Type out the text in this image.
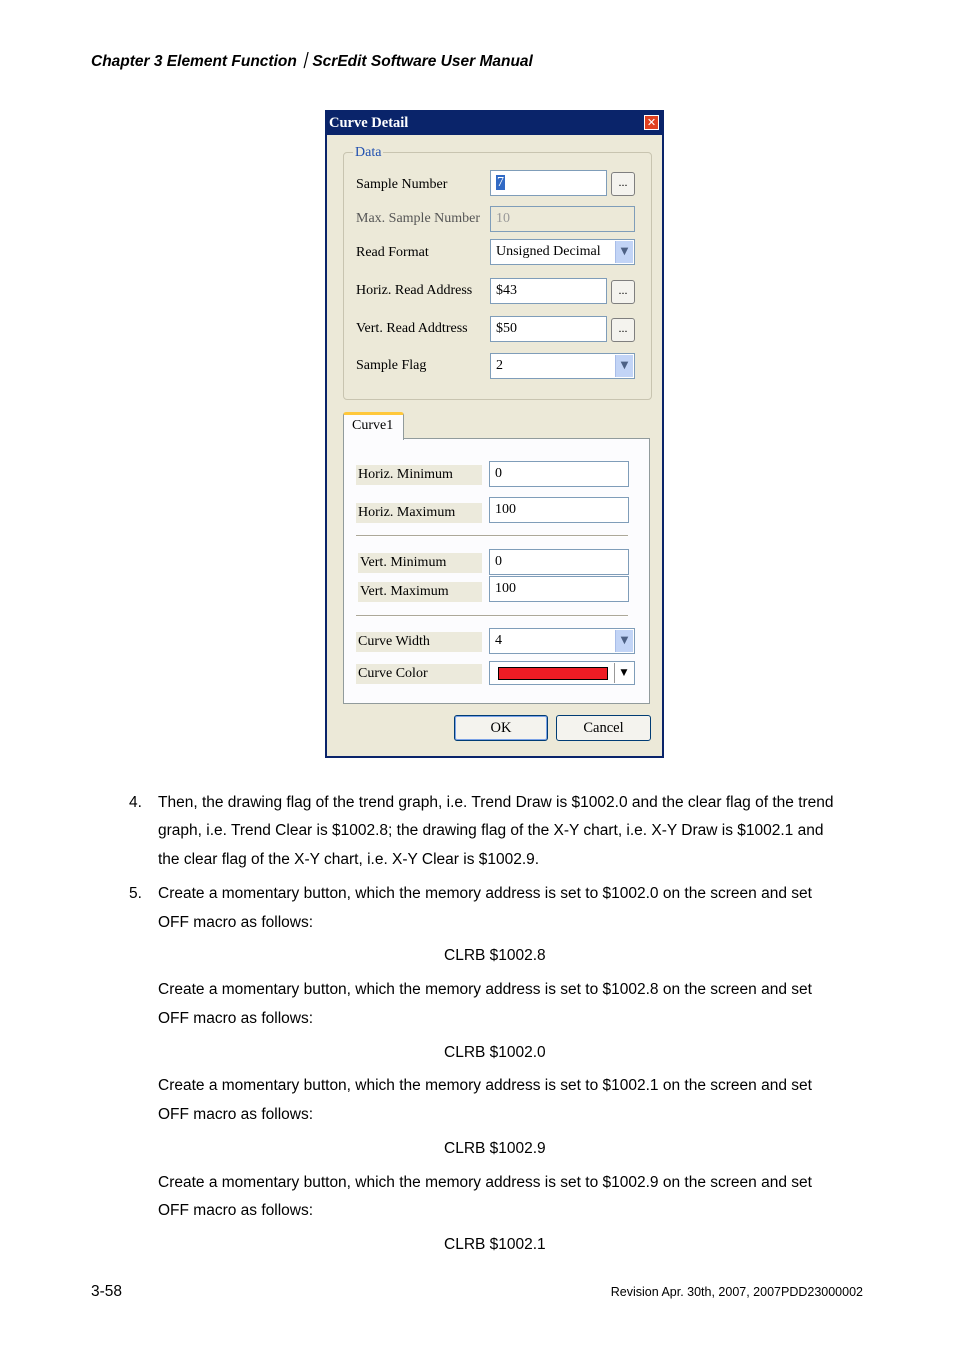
Chapter 3 Element Function｜ScrEdit Software User Manual
Curve Detail	✕
Data
Sample Number	7	...
Max. Sample Number	10
Read Format	Unsigned Decimal	▼
Horiz. Read Address	$43	...
Vert. Read Addtress	$50	...
Sample Flag	2	▼
Curve1
Horiz. Minimum	0
Horiz. Maximum	100
Vert. Minimum	0
Vert. Maximum	100
Curve Width	4	▼
Curve Color	▼
OK	Cancel
4. Then, the drawing flag of the trend graph, i.e. Trend Draw is $1002.0 and the clear flag of the trend
graph, i.e. Trend Clear is $1002.8; the drawing flag of the X-Y chart, i.e. X-Y Draw is $1002.1 and
the clear flag of the X-Y chart, i.e. X-Y Clear is $1002.9.
5. Create a momentary button, which the memory address is set to $1002.0 on the screen and set
OFF macro as follows:
CLRB $1002.8
Create a momentary button, which the memory address is set to $1002.8 on the screen and set
OFF macro as follows:
CLRB $1002.0
Create a momentary button, which the memory address is set to $1002.1 on the screen and set
OFF macro as follows:
CLRB $1002.9
Create a momentary button, which the memory address is set to $1002.9 on the screen and set
OFF macro as follows:
CLRB $1002.1
3-58	Revision Apr. 30th, 2007, 2007PDD23000002
